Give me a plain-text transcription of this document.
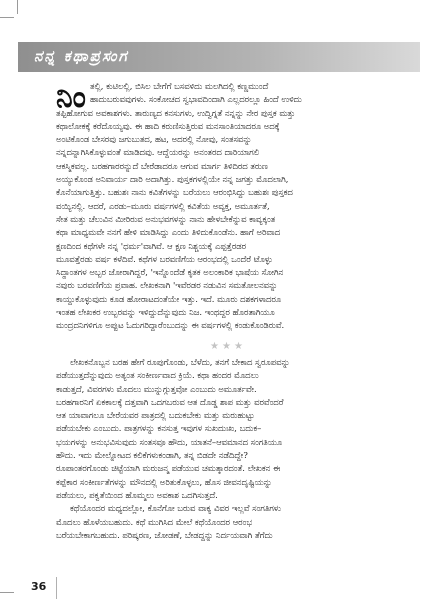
ನನ್ನ ಕಥಾಪ್ರಸಂಗ
ನಿಂ ತಲ್ಲಿ, ಕುಟಿಲಲ್ಲಿ, ಬಿಸಿಲ ಬೇಗೆಗೆ ಬಸವಳಿದು ಮಲಗಿದಲ್ಲಿ ಕಣ್ಣಮುಂದೆ
ಹಾದುಬರುವವುಗಳು. ಸಂಕೋಚದ ಸ್ವಭಾವದಿಂದಾಗಿ ಎಲ್ಲದರಲ್ಲೂ ಹಿಂದೆ ಉಳಿದು
ತಪ್ಪಿಹೋಗುವ ಅವಕಾಶಗಳು. ತಾರುಣ್ಯದ ಕನಸುಗಳು, ಉದ್ವಿಗ್ನತೆ ನನ್ನನ್ನು ನೇರ ಪುಸ್ತಕ ಮತ್ತು
ಕಥಾಲೋಕಕ್ಕೆ ಕರೆದೊಯ್ಯವು. ಈ ಹಾದಿ ಕರುಣಿಸುತ್ತಿರುವ ಮನಸಾಂತಿಯಾದರೂ ಅದಕ್ಕೆ
ಅಂಟಿಕೊಂಡ ಬೇಸರವು ಜಗುಬುತದ, ಹಟ, ಅದರಲ್ಲಿ ನೋವು, ಸಂತಸವನ್ನು
ನನ್ನದನ್ನಾಗಿಸಿಕೊಳ್ಳುವಂತೆ ಮಾಡಿದವು. ಆದ್ದೆಯರನ್ನು ಅನಂತರದ ದಾರಿಯಾಗಲಿ
ಆಕಸ್ಮಿಕವಲ್ಲ. ಬರಹಗಾರರನ್ನುದೆ ಬೇರೆಡಾದರೂ ಆಗುವ ಮಾರ್ಗ ತಿಳಿದಿರದ ತರುಣ
ಅಯ್ಯುಕೊಂಡ ಅನಿವಾರ್ಯ ದಾರಿ ಅದಾಗಿತ್ತು. ಪುಸ್ತಕಗಳಲ್ಲಿಯೇ ನನ್ನ ಜಗತ್ತು ಮೊದಲಾಗಿ,
ಕೊನೆಯಾಗುತ್ತಿತ್ತು. ಬಹುಶಃ ನಾನು ಕವಿತೆಗಳನ್ನು ಬರೆಯಲು ಆರಂಭಿಸಿದ್ದು ಬಹುಶಃ ಪುಸ್ತಕದ
ವಯ್ಯಿನಲ್ಲಿ. ಆದರೆ, ಎರಡು–ಮೂರು ವರ್ಷಗಳಲ್ಲಿ ಕವಿತೆಯ ಅವ್ಯಕ್ತ, ಅಮೂರ್ತತೆ,
ಸೇತ ಮತ್ತು ಚೆಲುವಿನ ಮೀರಿರುವ ಅನುಭವಗಳನ್ನು ನಾನು ಹೇಳಬೇಕೆನ್ನುವ ಕಾವ್ಯಕ್ಕಂತ
ಕಥಾ ಮಾಧ್ಯಮವೇ ನನಗೆ ಹೇಳಿ ಮಾಡಿಸಿದ್ದು ಎಂದು ತಿಳಿದುಕೊಂಡೆನು. ಹಾಗೆ ಅರಿವಾದ
ಕ್ಷಣದಿಂದ ಕಥೆಗಳೇ ನನ್ನ 'ಧರ್ಮ'ವಾಗಿವೆ. ಆ ಕ್ಷಣ ನಿಶ್ಚಯಕ್ಕೆ ಎಪ್ಪತ್ತೆರಡರ
ಮೂವತ್ತೆರಡು ವರ್ಷ ಕಳೆದಿವೆ. ಕಥೆಗಳ ಬರವಣಿಗೆಯ ಆರಂಭದಲ್ಲಿ ಒಂದೆರೆ ಟೊಳ್ಳು
ಸಿದ್ಧಾಂತಗಳ ಅಬ್ಬರ ಜೋರಾಗಿದ್ದರೆ, 'ಇನ್ನೊಂದೆಡೆ ಕೃತಕ ಅಲಂಕಾರಿಕ ಭಾಷೆಯ ಸೋಗಿನ
ನವುರು ಬರವಣಿಗೆಯ ಪ್ರವಾಹ. ಲೇಖಕನಾಗಿ 'ಇವೆರಡರ ನಡುವಿನ ಸಮತೋಲನವನ್ನು
ಕಾಯ್ದುಕೊಳ್ಳುವುದು ಕೂಡ ಹೋರಾಟದಂತೆಯೇ ಇತ್ತು. ಇದೆ. ಮೂರು ದಶಕಗಳಾದರೂ
ಇಂತಹ ಲೇಖಕರ ಉಬ್ಬರವನ್ನು ಇಳಿದ್ದುದೆನ್ನುವುದು ನಿಜ. ಇಂಥದ್ದರ ಹೊರತಾಗಿಯೂ
ಮಂದ್ರದನಿಗಳಿಗೂ ಅಪ್ಪುಟ ಓದುಗರಿದ್ದಾರೆಂಬುದನ್ನು ಈ ವರ್ಷಗಳಲ್ಲಿ ಕಂಡುಕೊಂಡಿರುವೆ.
★★★
ಲೇಖಕನೊಬ್ಬನ ಬರಹ ಹೇಗೆ ರೂಪುಗೊಂಡು, ಬೆಳೆದು, ತನಗೆ ಬೇಕಾದ ಸ್ವರೂಪವನ್ನು
ಪಡೆಯುತ್ತದೆನ್ನುವುದು ಅತ್ಯಂತ ಸಂಕೀರ್ಣವಾದ ಕ್ರಿಯೆ. ಕಥಾ ಹಂದರ ಮೊದಲು
ಕಾಡುತ್ತದೆ, ವಿವರಗಳು ಮೊದಲು ಮುನ್ನುಗ್ಗುತ್ತವೋ ಎಂಬುದು ಅಮೂರ್ತವೇ.
ಬರಹಗಾರನಿಗೆ ಏಕಕಾಲಕ್ಕೆ ದತ್ತವಾಗಿ ಒದಗಬರುವ ಆತ ದೊಡ್ಡ ಶಾಪ ಮತ್ತು ವರವೆಂದರೆ
ಆತ ಯಾವಾಗಲೂ ಬೇರೆಯವರ ಪಾತ್ರದಲ್ಲಿ ಬದುಕಬೇಕು ಮತ್ತು ಮರುಹುಟ್ಟು
ಪಡೆಯಬೇಕು ಎಂಬುದು. ಪಾತ್ರಗಳನ್ನು ಕನಸುತ್ತ ಇವುಗಳ ಸುಖದುಃಖ, ಬದುಕ–
ಭಯಗಳನ್ನು ಅನುಭವಿಸುವುದು ಸಂತಸವೂ ಹೌದು, ಯಾತನೆ–ಆವಮಾನದ ಸಂಗತಿಯೂ
ಹೌದು. ಇದು ಮೇಲ್ನೋಟದ ಕಲಿಕೆಗಳುಕಂಡಾಗಿ, ತನ್ನ ಬಿಡದೇ ನಡೆದಿದ್ದೇ?
ರೂಪಾಂತರಗೊಂಡು ಚಿಟ್ಟೆಯಾಗಿ ಮರುಜನ್ಮ ಪಡೆಯುವ ಚಮತ್ಕಾರದಂತೆ. ಲೇಖಕನ ಈ
ಕಪ್ಪೆಕಾರ ಸಂಕೀರ್ಣತೆಗಳನ್ನು ಮೌನದಲ್ಲಿ ಅರಿತುಕೊಳ್ಳಲು, ಹೊಸ ಜೀವನದೃಷ್ಟಿಯನ್ನು
ಪಡೆಯಲು, ಪಕ್ವತೆಯಿಂದ ಹೊಮ್ಮಲು ಅವಕಾಶ ಒದಗಿಸುತ್ತದೆ.
ಕಥೆಯೊಂದರ ಮಧ್ಯದಲ್ಲೋ, ಕೊನೆಗೋ ಬರುವ ವಾಕ್ಯ ವಿವರ ಇಲ್ಲವೆ ಸಂಗತಿಗಳು
ಮೊದಲು ಹೊಳೆಯಬಹುದು. ಕಥೆ ಮುಗಿಸಿದ ಮೇಲೆ ಕಥೆಯೊಂದರ ಆರಂಭ
ಬರೆಯಬೇಕಾಗಬಹುದು. ಪರಿಷ್ಕರಣ, ಜೋಡಣೆ, ಬೇಡದ್ದನ್ನು ನಿರ್ದಯವಾಗಿ ತೆಗೆದು
36
